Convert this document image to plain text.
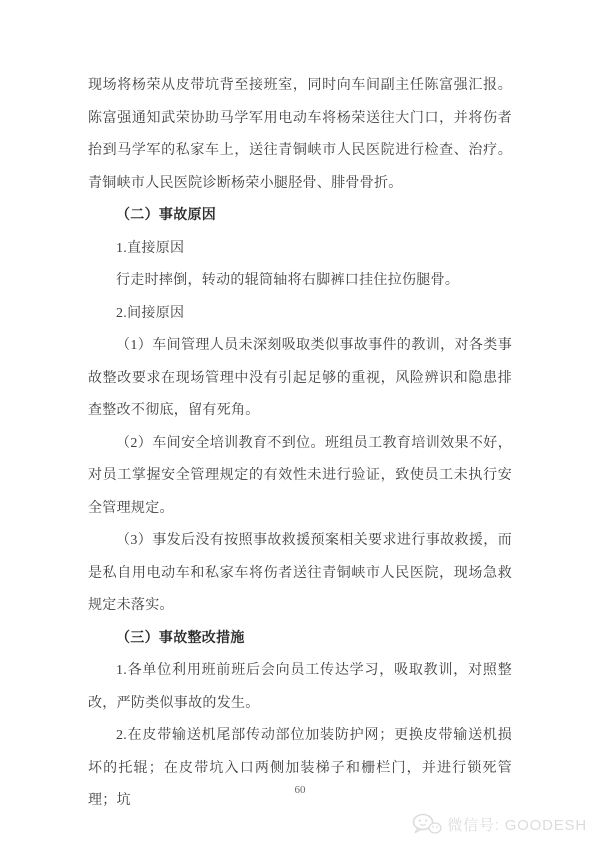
现场将杨荣从皮带坑背至接班室，同时向车间副主任陈富强汇报。陈富强通知武荣协助马学军用电动车将杨荣送往大门口，并将伤者抬到马学军的私家车上，送往青铜峡市人民医院进行检查、治疗。青铜峡市人民医院诊断杨荣小腿胫骨、腓骨骨折。

（二）事故原因

1.直接原因

行走时摔倒，转动的辊筒轴将右脚裤口挂住拉伤腿骨。

2.间接原因

（1）车间管理人员未深刻吸取类似事故事件的教训，对各类事故整改要求在现场管理中没有引起足够的重视，风险辨识和隐患排查整改不彻底，留有死角。

（2）车间安全培训教育不到位。班组员工教育培训效果不好，对员工掌握安全管理规定的有效性未进行验证，致使员工未执行安全管理规定。

（3）事发后没有按照事故救援预案相关要求进行事故救援，而是私自用电动车和私家车将伤者送往青铜峡市人民医院，现场急救规定未落实。

（三）事故整改措施

1.各单位利用班前班后会向员工传达学习，吸取教训，对照整改，严防类似事故的发生。

2.在皮带输送机尾部传动部位加装防护网；更换皮带输送机损坏的托辊；在皮带坑入口两侧加装梯子和栅栏门，并进行锁死管理；坑

60
微信号: GOODESH
